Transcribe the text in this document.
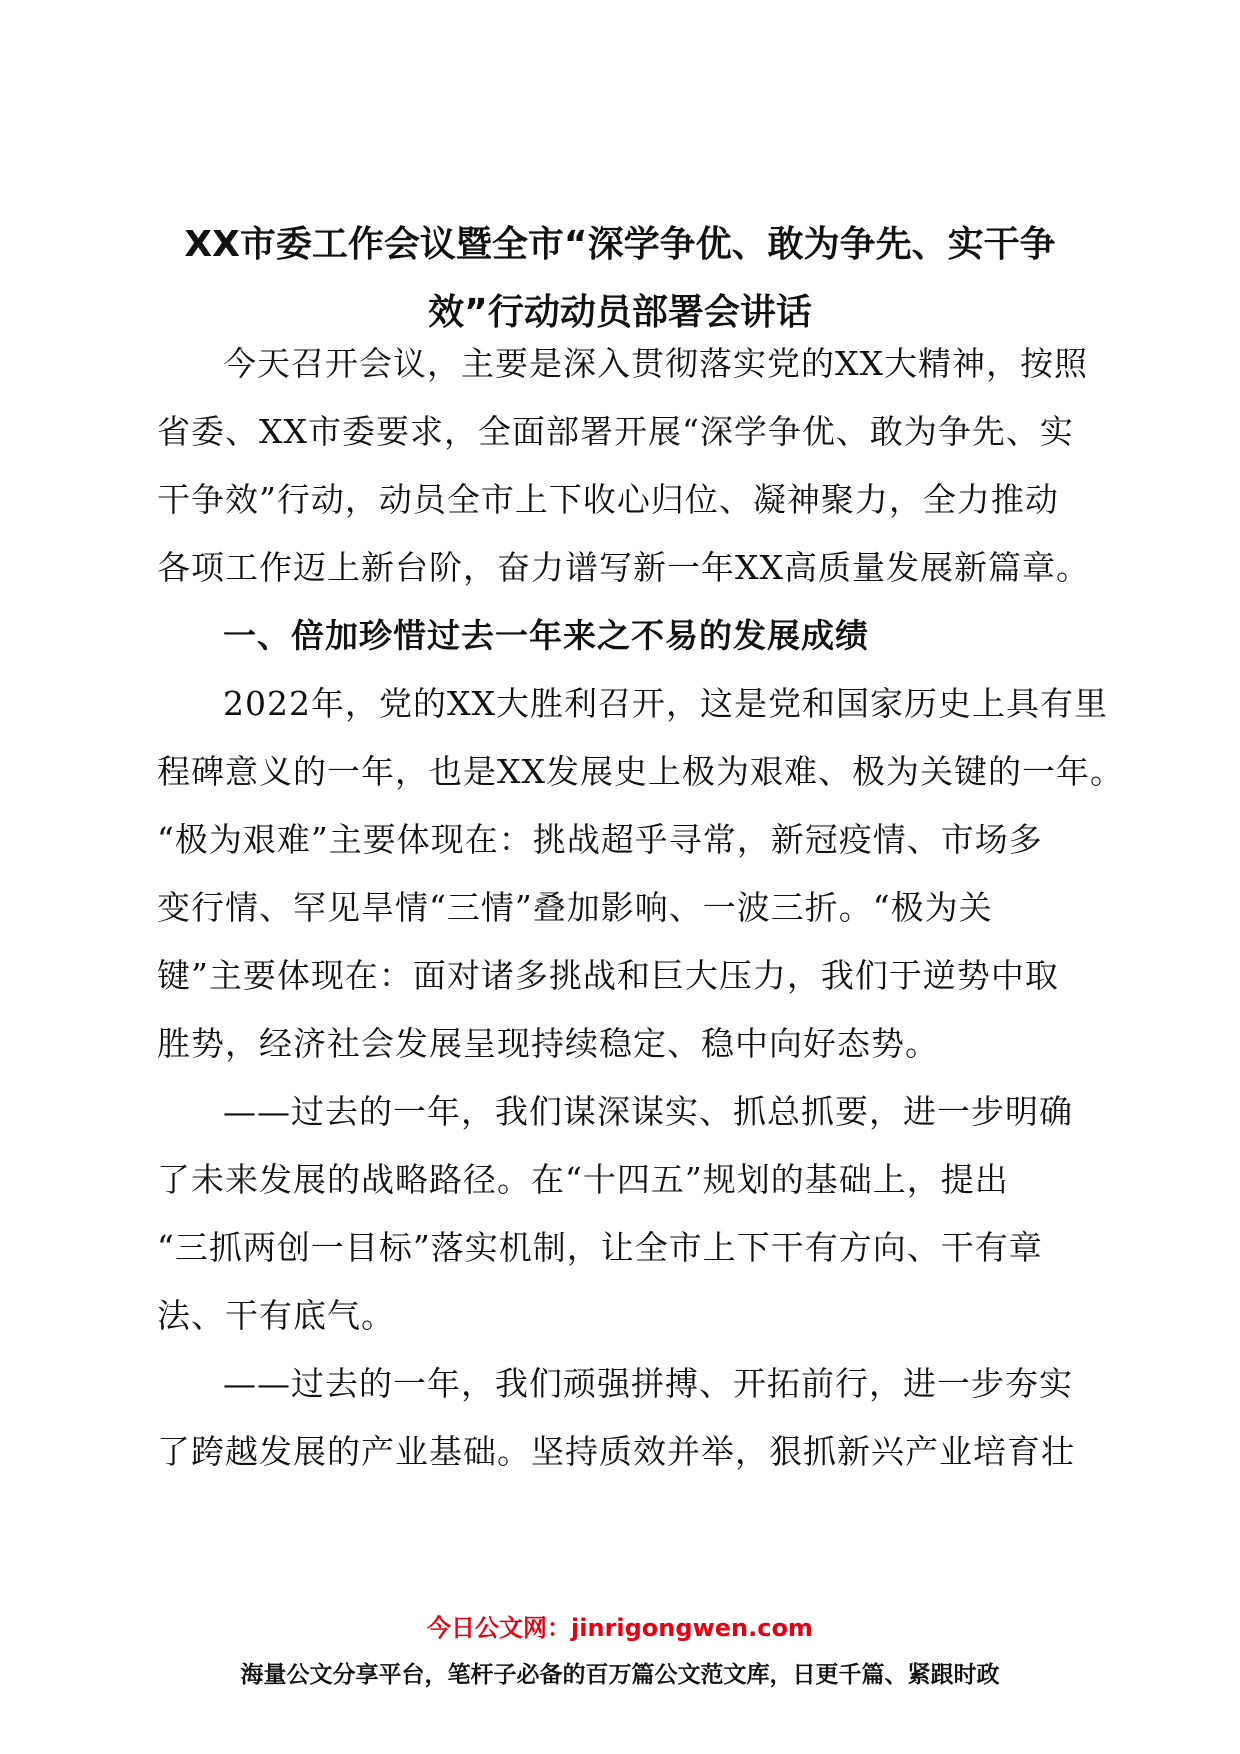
XX市委工作会议暨全市“深学争优、敢为争先、实干争
效”行动动员部署会讲话
今天召开会议，主要是深入贯彻落实党的XX大精神，按照
省委、XX市委要求，全面部署开展“深学争优、敢为争先、实
干争效”行动，动员全市上下收心归位、凝神聚力，全力推动
各项工作迈上新台阶，奋力谱写新一年XX高质量发展新篇章。
一、倍加珍惜过去一年来之不易的发展成绩
2022年，党的XX大胜利召开，这是党和国家历史上具有里
程碑意义的一年，也是XX发展史上极为艰难、极为关键的一年。
“极为艰难”主要体现在：挑战超乎寻常，新冠疫情、市场多
变行情、罕见旱情“三情”叠加影响、一波三折。“极为关
键”主要体现在：面对诸多挑战和巨大压力，我们于逆势中取
胜势，经济社会发展呈现持续稳定、稳中向好态势。
——过去的一年，我们谋深谋实、抓总抓要，进一步明确
了未来发展的战略路径。在“十四五”规划的基础上，提出
“三抓两创一目标”落实机制，让全市上下干有方向、干有章
法、干有底气。
——过去的一年，我们顽强拼搏、开拓前行，进一步夯实
了跨越发展的产业基础。坚持质效并举，狠抓新兴产业培育壮
今日公文网：jinrigongwen.com
海量公文分享平台，笔杆子必备的百万篇公文范文库，日更千篇、紧跟时政
